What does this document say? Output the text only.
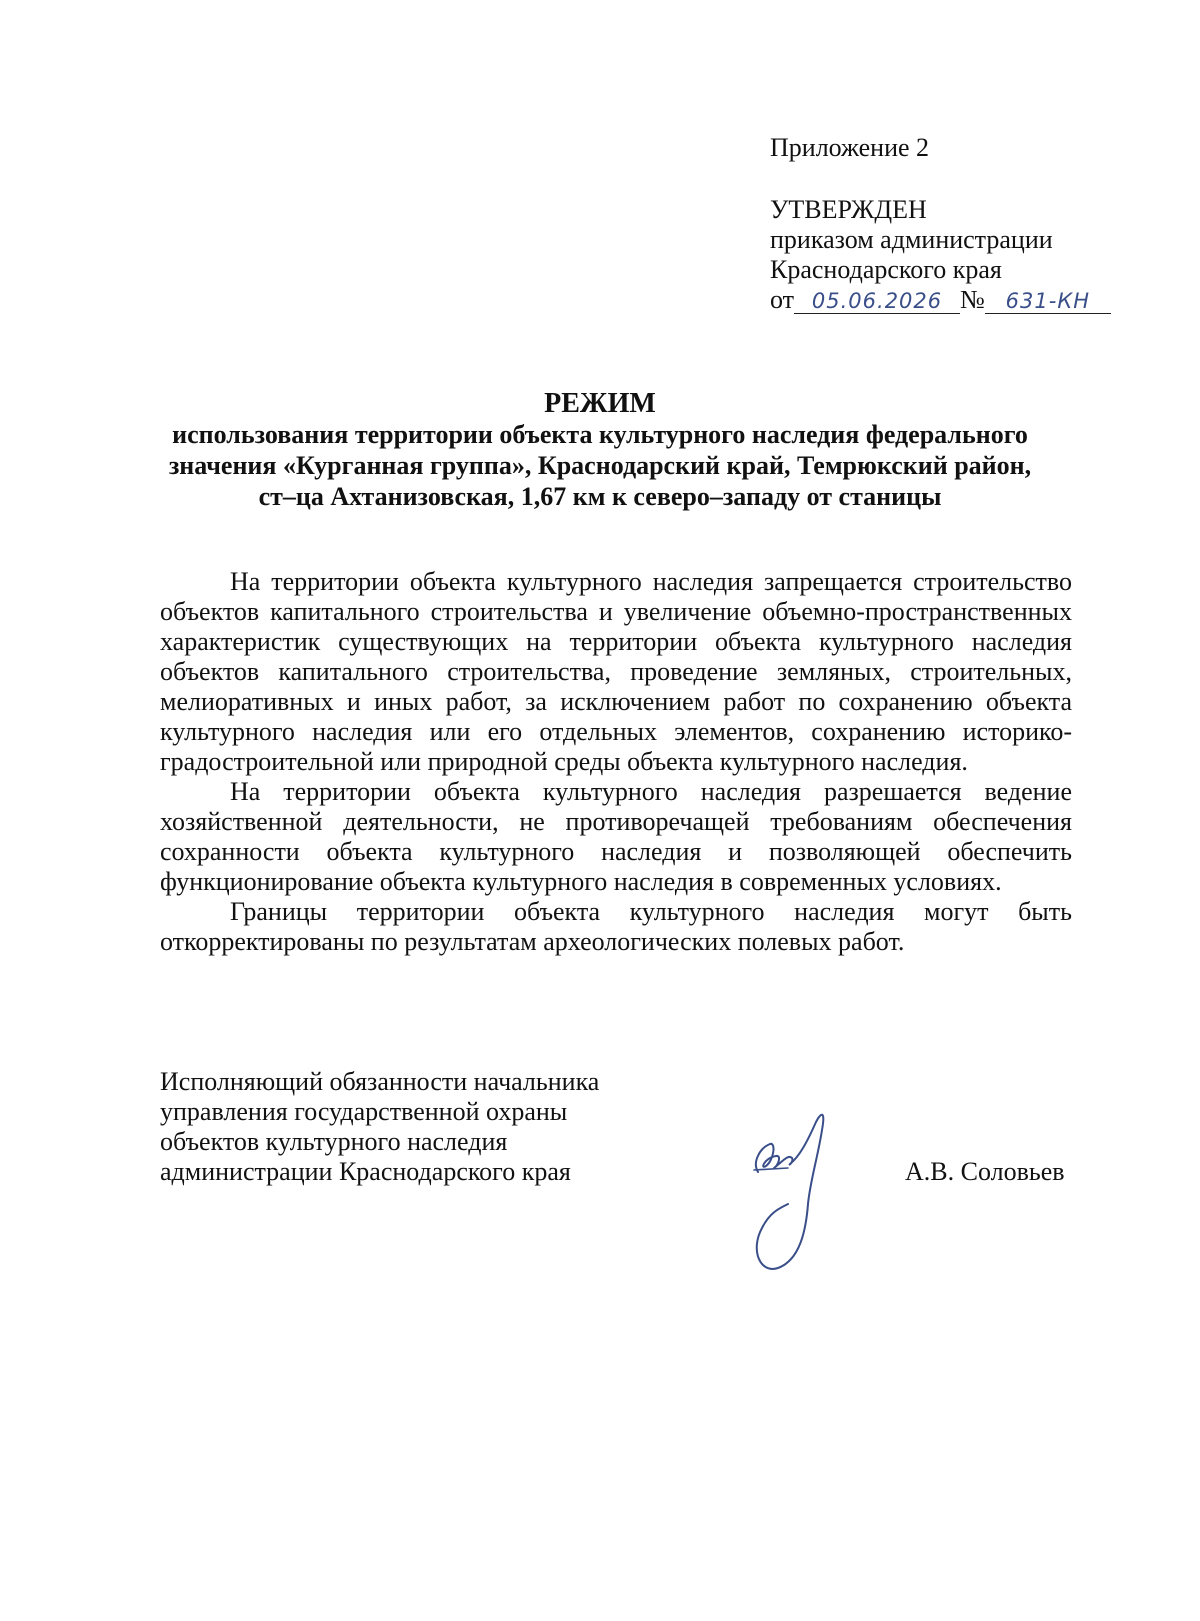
Приложение 2
УТВЕРЖДЕН
приказом администрации
Краснодарского края
от 05.06.2026 № 631-КН
РЕЖИМ
использования территории объекта культурного наследия федерального
значения «Курганная группа», Краснодарский край, Темрюкский район,
ст–ца Ахтанизовская, 1,67 км к северо–западу от станицы

На территории объекта культурного наследия запрещается строительство объектов капитального строительства и увеличение объемно-пространственных характеристик существующих на территории объекта культурного наследия объектов капитального строительства, проведение земляных, строительных, мелиоративных и иных работ, за исключением работ по сохранению объекта культурного наследия или его отдельных элементов, сохранению историко-градостроительной или природной среды объекта культурного наследия.

На территории объекта культурного наследия разрешается ведение хозяйственной деятельности, не противоречащей требованиям обеспечения сохранности объекта культурного наследия и позволяющей обеспечить функционирование объекта культурного наследия в современных условиях.

Границы территории объекта культурного наследия могут быть откорректированы по результатам археологических полевых работ.

Исполняющий обязанности начальника
управления государственной охраны
объектов культурного наследия
администрации Краснодарского края	А.В. Соловьев
